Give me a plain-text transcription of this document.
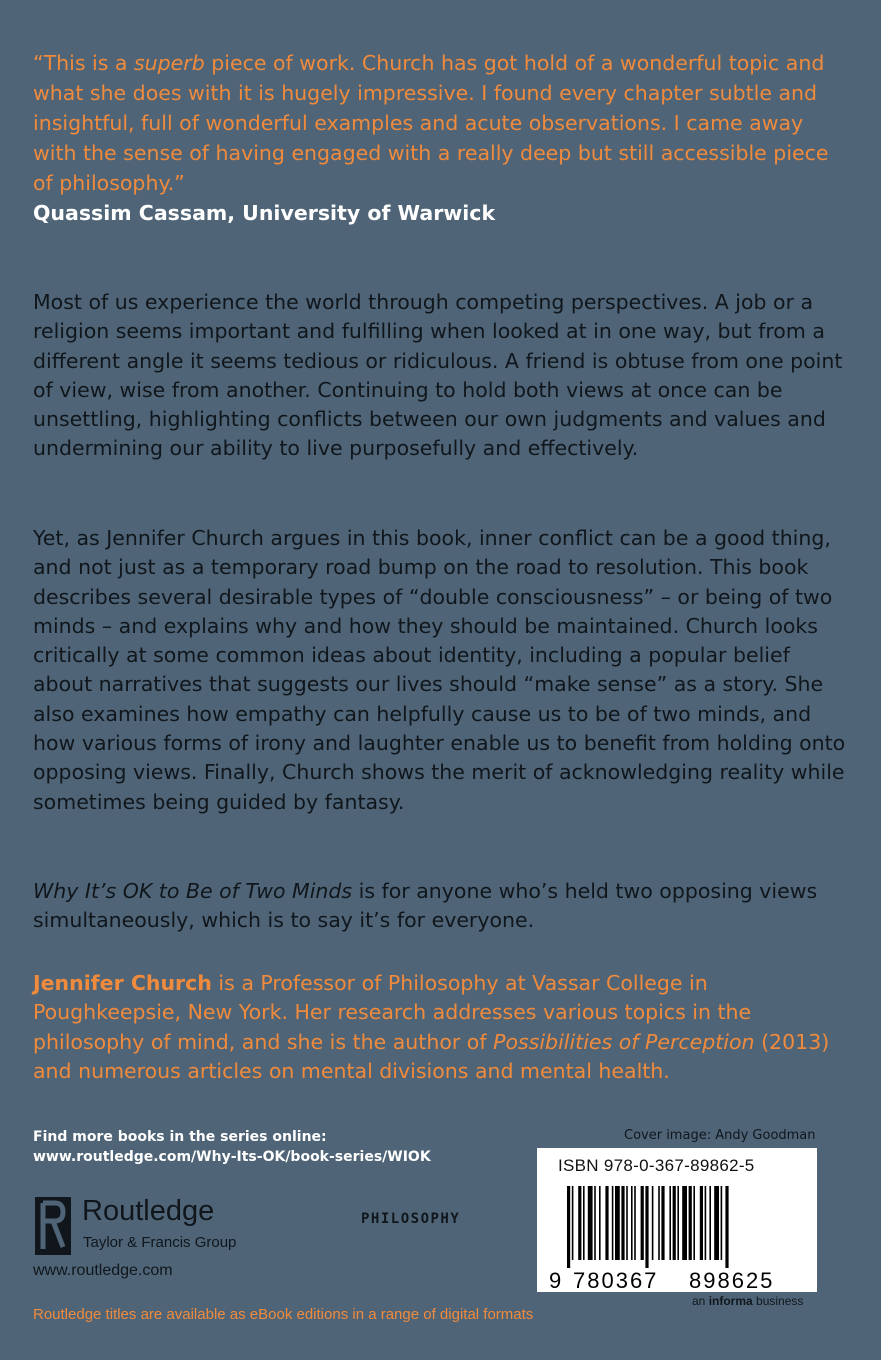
“This is a superb piece of work. Church has got hold of a wonderful topic and what she does with it is hugely impressive. I found every chapter subtle and insightful, full of wonderful examples and acute observations. I came away with the sense of having engaged with a really deep but still accessible piece of philosophy.”
Quassim Cassam, University of Warwick

Most of us experience the world through competing perspectives. A job or a religion seems important and fulfilling when looked at in one way, but from a different angle it seems tedious or ridiculous. A friend is obtuse from one point of view, wise from another. Continuing to hold both views at once can be unsettling, highlighting conflicts between our own judgments and values and undermining our ability to live purposefully and effectively.

Yet, as Jennifer Church argues in this book, inner conflict can be a good thing, and not just as a temporary road bump on the road to resolution. This book describes several desirable types of “double consciousness” – or being of two minds – and explains why and how they should be maintained. Church looks critically at some common ideas about identity, including a popular belief about narratives that suggests our lives should “make sense” as a story. She also examines how empathy can helpfully cause us to be of two minds, and how various forms of irony and laughter enable us to benefit from holding onto opposing views. Finally, Church shows the merit of acknowledging reality while sometimes being guided by fantasy.

Why It’s OK to Be of Two Minds is for anyone who’s held two opposing views simultaneously, which is to say it’s for everyone.

Jennifer Church is a Professor of Philosophy at Vassar College in Poughkeepsie, New York. Her research addresses various topics in the philosophy of mind, and she is the author of Possibilities of Perception (2013) and numerous articles on mental divisions and mental health.

Find more books in the series online:
www.routledge.com/Why-Its-OK/book-series/WIOK
Cover image: Andy Goodman
ISBN 978-0-367-89862-5
9 780367 898625
an informa business
ROUTLEDGE
Routledge
Taylor & Francis Group
PHILOSOPHY
www.routledge.com
Routledge titles are available as eBook editions in a range of digital formats
